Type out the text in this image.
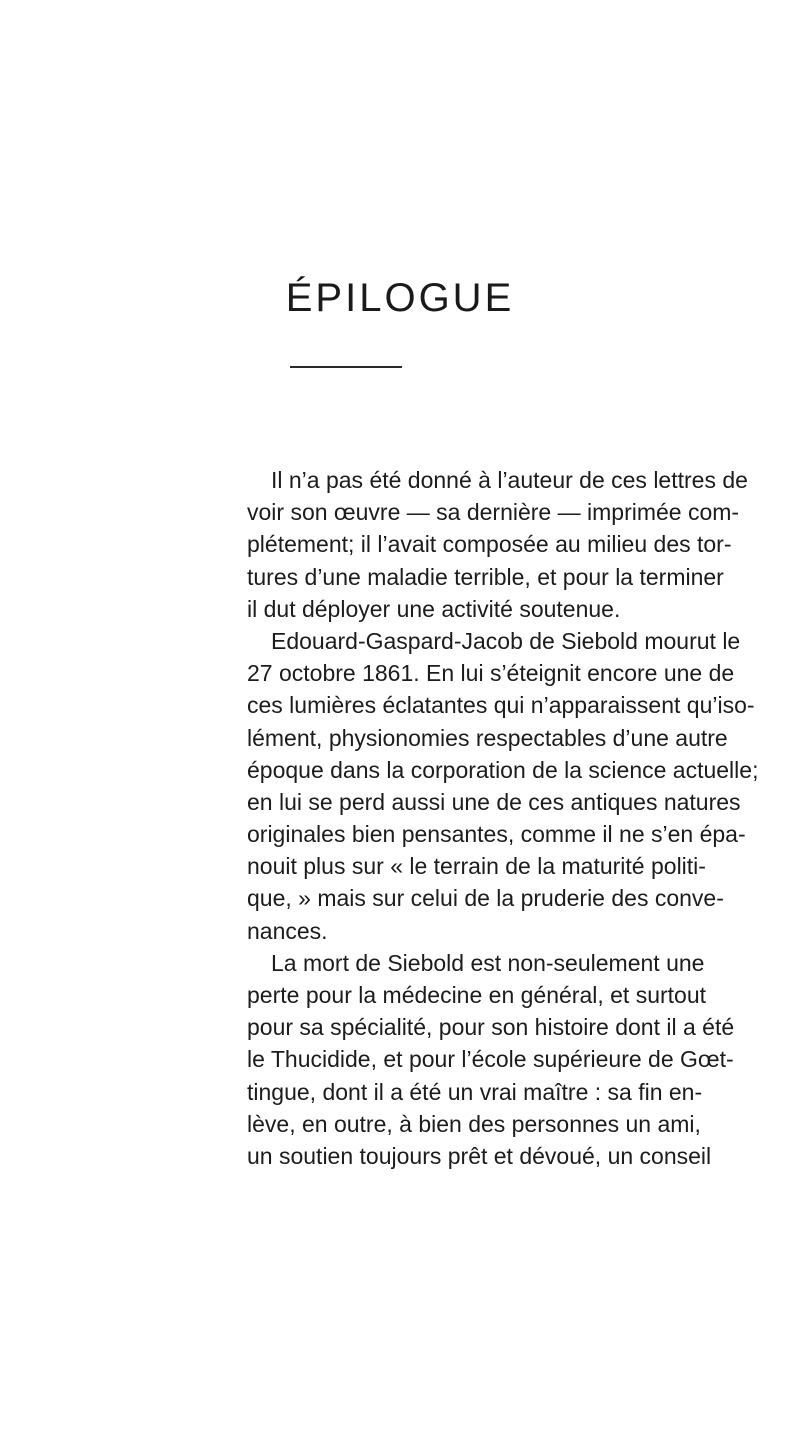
ÉPILOGUE
Il n’a pas été donné à l’auteur de ces lettres de
voir son œuvre — sa dernière — imprimée com-
plétement; il l’avait composée au milieu des tor-
tures d’une maladie terrible, et pour la terminer
il dut déployer une activité soutenue.
Edouard-Gaspard-Jacob de Siebold mourut le
27 octobre 1861. En lui s’éteignit encore une de
ces lumières éclatantes qui n’apparaissent qu’iso-
lément, physionomies respectables d’une autre
époque dans la corporation de la science actuelle;
en lui se perd aussi une de ces antiques natures
originales bien pensantes, comme il ne s’en épa-
nouit plus sur « le terrain de la maturité politi-
que, » mais sur celui de la pruderie des conve-
nances.
La mort de Siebold est non-seulement une
perte pour la médecine en général, et surtout
pour sa spécialité, pour son histoire dont il a été
le Thucidide, et pour l’école supérieure de Gœt-
tingue, dont il a été un vrai maître : sa fin en-
lève, en outre, à bien des personnes un ami,
un soutien toujours prêt et dévoué, un conseil
